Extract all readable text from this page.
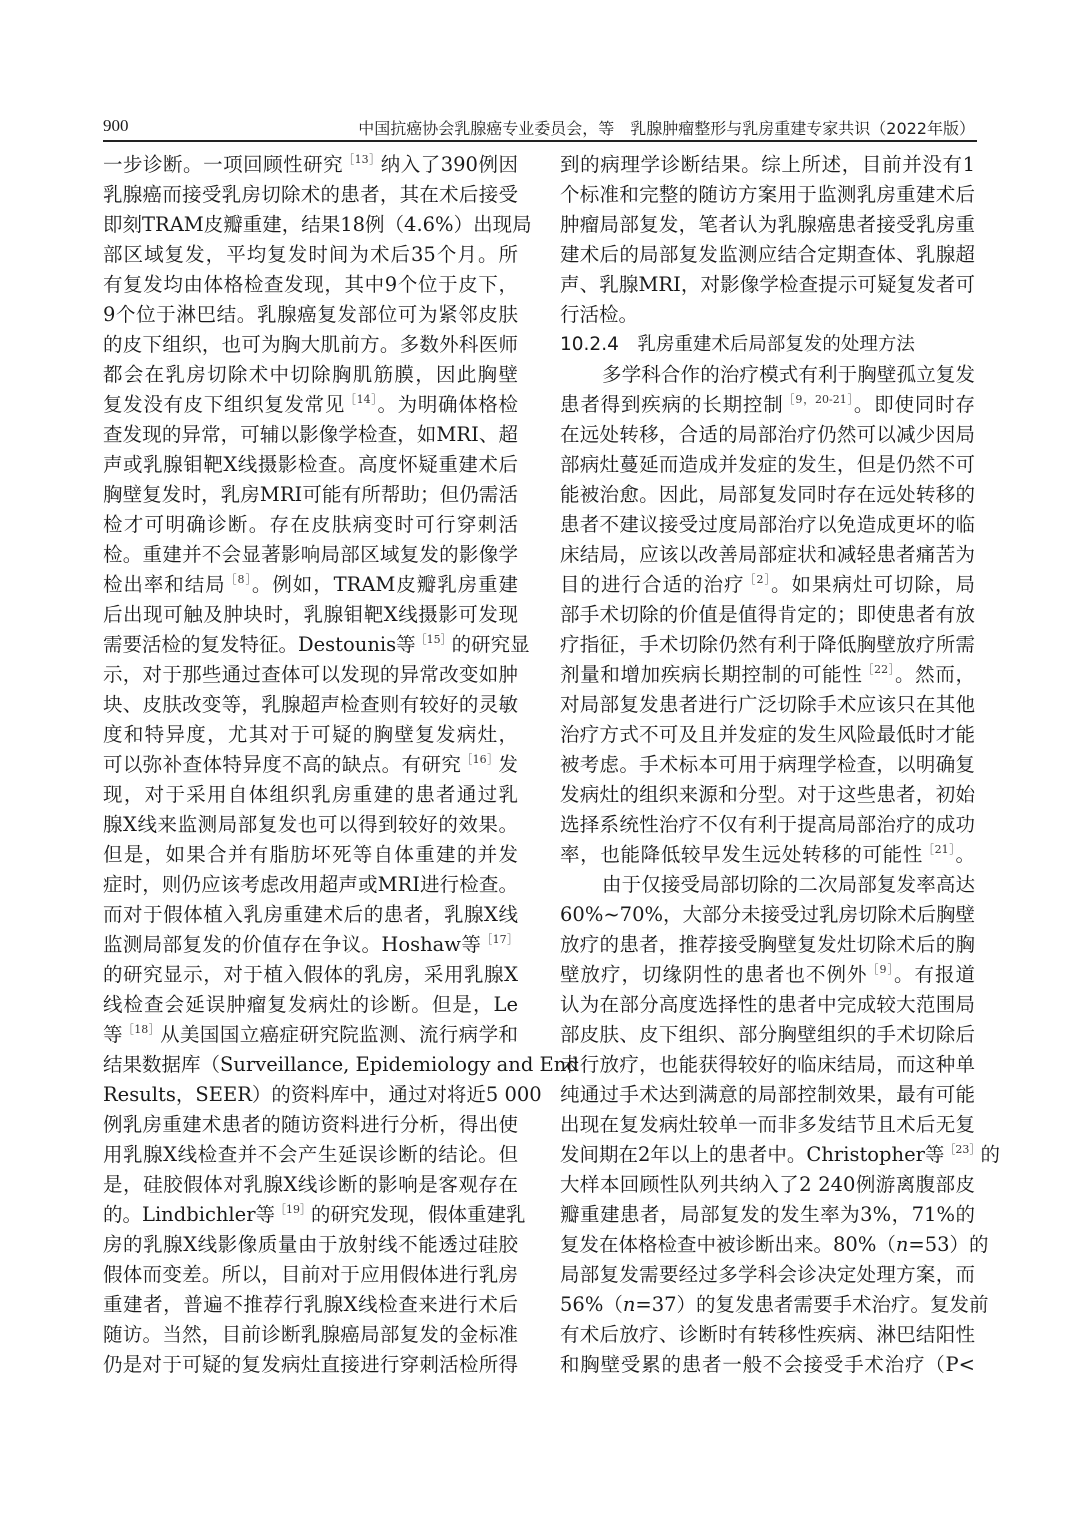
900	中国抗癌协会乳腺癌专业委员会，等　乳腺肿瘤整形与乳房重建专家共识（2022年版）
一步诊断。一项回顾性研究$^{[13]}$纳入了390例因
乳腺癌而接受乳房切除术的患者，其在术后接受
即刻TRAM皮瓣重建，结果18例（4.6%）出现局
部区域复发，平均复发时间为术后35个月。所
有复发均由体格检查发现，其中9个位于皮下，
9个位于淋巴结。乳腺癌复发部位可为紧邻皮肤
的皮下组织，也可为胸大肌前方。多数外科医师
都会在乳房切除术中切除胸肌筋膜，因此胸壁
复发没有皮下组织复发常见$^{[14]}$。为明确体格检
查发现的异常，可辅以影像学检查，如MRI、超
声或乳腺钼靶X线摄影检查。高度怀疑重建术后
胸壁复发时，乳房MRI可能有所帮助；但仍需活
检才可明确诊断。存在皮肤病变时可行穿刺活
检。重建并不会显著影响局部区域复发的影像学
检出率和结局$^{[8]}$。例如，TRAM皮瓣乳房重建
后出现可触及肿块时，乳腺钼靶X线摄影可发现
需要活检的复发特征。Destounis等$^{[15]}$的研究显
示，对于那些通过查体可以发现的异常改变如肿
块、皮肤改变等，乳腺超声检查则有较好的灵敏
度和特异度，尤其对于可疑的胸壁复发病灶，
可以弥补查体特异度不高的缺点。有研究$^{[16]}$发
现，对于采用自体组织乳房重建的患者通过乳
腺X线来监测局部复发也可以得到较好的效果。
但是，如果合并有脂肪坏死等自体重建的并发
症时，则仍应该考虑改用超声或MRI进行检查。
而对于假体植入乳房重建术后的患者，乳腺X线
监测局部复发的价值存在争议。Hoshaw等$^{[17]}$
的研究显示，对于植入假体的乳房，采用乳腺X
线检查会延误肿瘤复发病灶的诊断。但是，Le
等$^{[18]}$从美国国立癌症研究院监测、流行病学和
结果数据库（Surveillance, Epidemiology and End
Results，SEER）的资料库中，通过对将近5 000
例乳房重建术患者的随访资料进行分析，得出使
用乳腺X线检查并不会产生延误诊断的结论。但
是，硅胶假体对乳腺X线诊断的影响是客观存在
的。Lindbichler等$^{[19]}$的研究发现，假体重建乳
房的乳腺X线影像质量由于放射线不能透过硅胶
假体而变差。所以，目前对于应用假体进行乳房
重建者，普遍不推荐行乳腺X线检查来进行术后
随访。当然，目前诊断乳腺癌局部复发的金标准
仍是对于可疑的复发病灶直接进行穿刺活检所得
到的病理学诊断结果。综上所述，目前并没有1
个标准和完整的随访方案用于监测乳房重建术后
肿瘤局部复发，笔者认为乳腺癌患者接受乳房重
建术后的局部复发监测应结合定期查体、乳腺超
声、乳腺MRI，对影像学检查提示可疑复发者可
行活检。
10.2.4　乳房重建术后局部复发的处理方法
多学科合作的治疗模式有利于胸壁孤立复发
患者得到疾病的长期控制$^{[9,20-21]}$。即使同时存
在远处转移，合适的局部治疗仍然可以减少因局
部病灶蔓延而造成并发症的发生，但是仍然不可
能被治愈。因此，局部复发同时存在远处转移的
患者不建议接受过度局部治疗以免造成更坏的临
床结局，应该以改善局部症状和减轻患者痛苦为
目的进行合适的治疗$^{[2]}$。如果病灶可切除，局
部手术切除的价值是值得肯定的；即使患者有放
疗指征，手术切除仍然有利于降低胸壁放疗所需
剂量和增加疾病长期控制的可能性$^{[22]}$。然而，
对局部复发患者进行广泛切除手术应该只在其他
治疗方式不可及且并发症的发生风险最低时才能
被考虑。手术标本可用于病理学检查，以明确复
发病灶的组织来源和分型。对于这些患者，初始
选择系统性治疗不仅有利于提高局部治疗的成功
率，也能降低较早发生远处转移的可能性$^{[21]}$。
由于仅接受局部切除的二次局部复发率高达
60%~70%，大部分未接受过乳房切除术后胸壁
放疗的患者，推荐接受胸壁复发灶切除术后的胸
壁放疗，切缘阴性的患者也不例外$^{[9]}$。有报道
认为在部分高度选择性的患者中完成较大范围局
部皮肤、皮下组织、部分胸壁组织的手术切除后
未行放疗，也能获得较好的临床结局，而这种单
纯通过手术达到满意的局部控制效果，最有可能
出现在复发病灶较单一而非多发结节且术后无复
发间期在2年以上的患者中。Christopher等$^{[23]}$的
大样本回顾性队列共纳入了2 240例游离腹部皮
瓣重建患者，局部复发的发生率为3%，71%的
复发在体格检查中被诊断出来。80%（n=53）的
局部复发需要经过多学科会诊决定处理方案，而
56%（n=37）的复发患者需要手术治疗。复发前
有术后放疗、诊断时有转移性疾病、淋巴结阳性
和胸壁受累的患者一般不会接受手术治疗（P<
